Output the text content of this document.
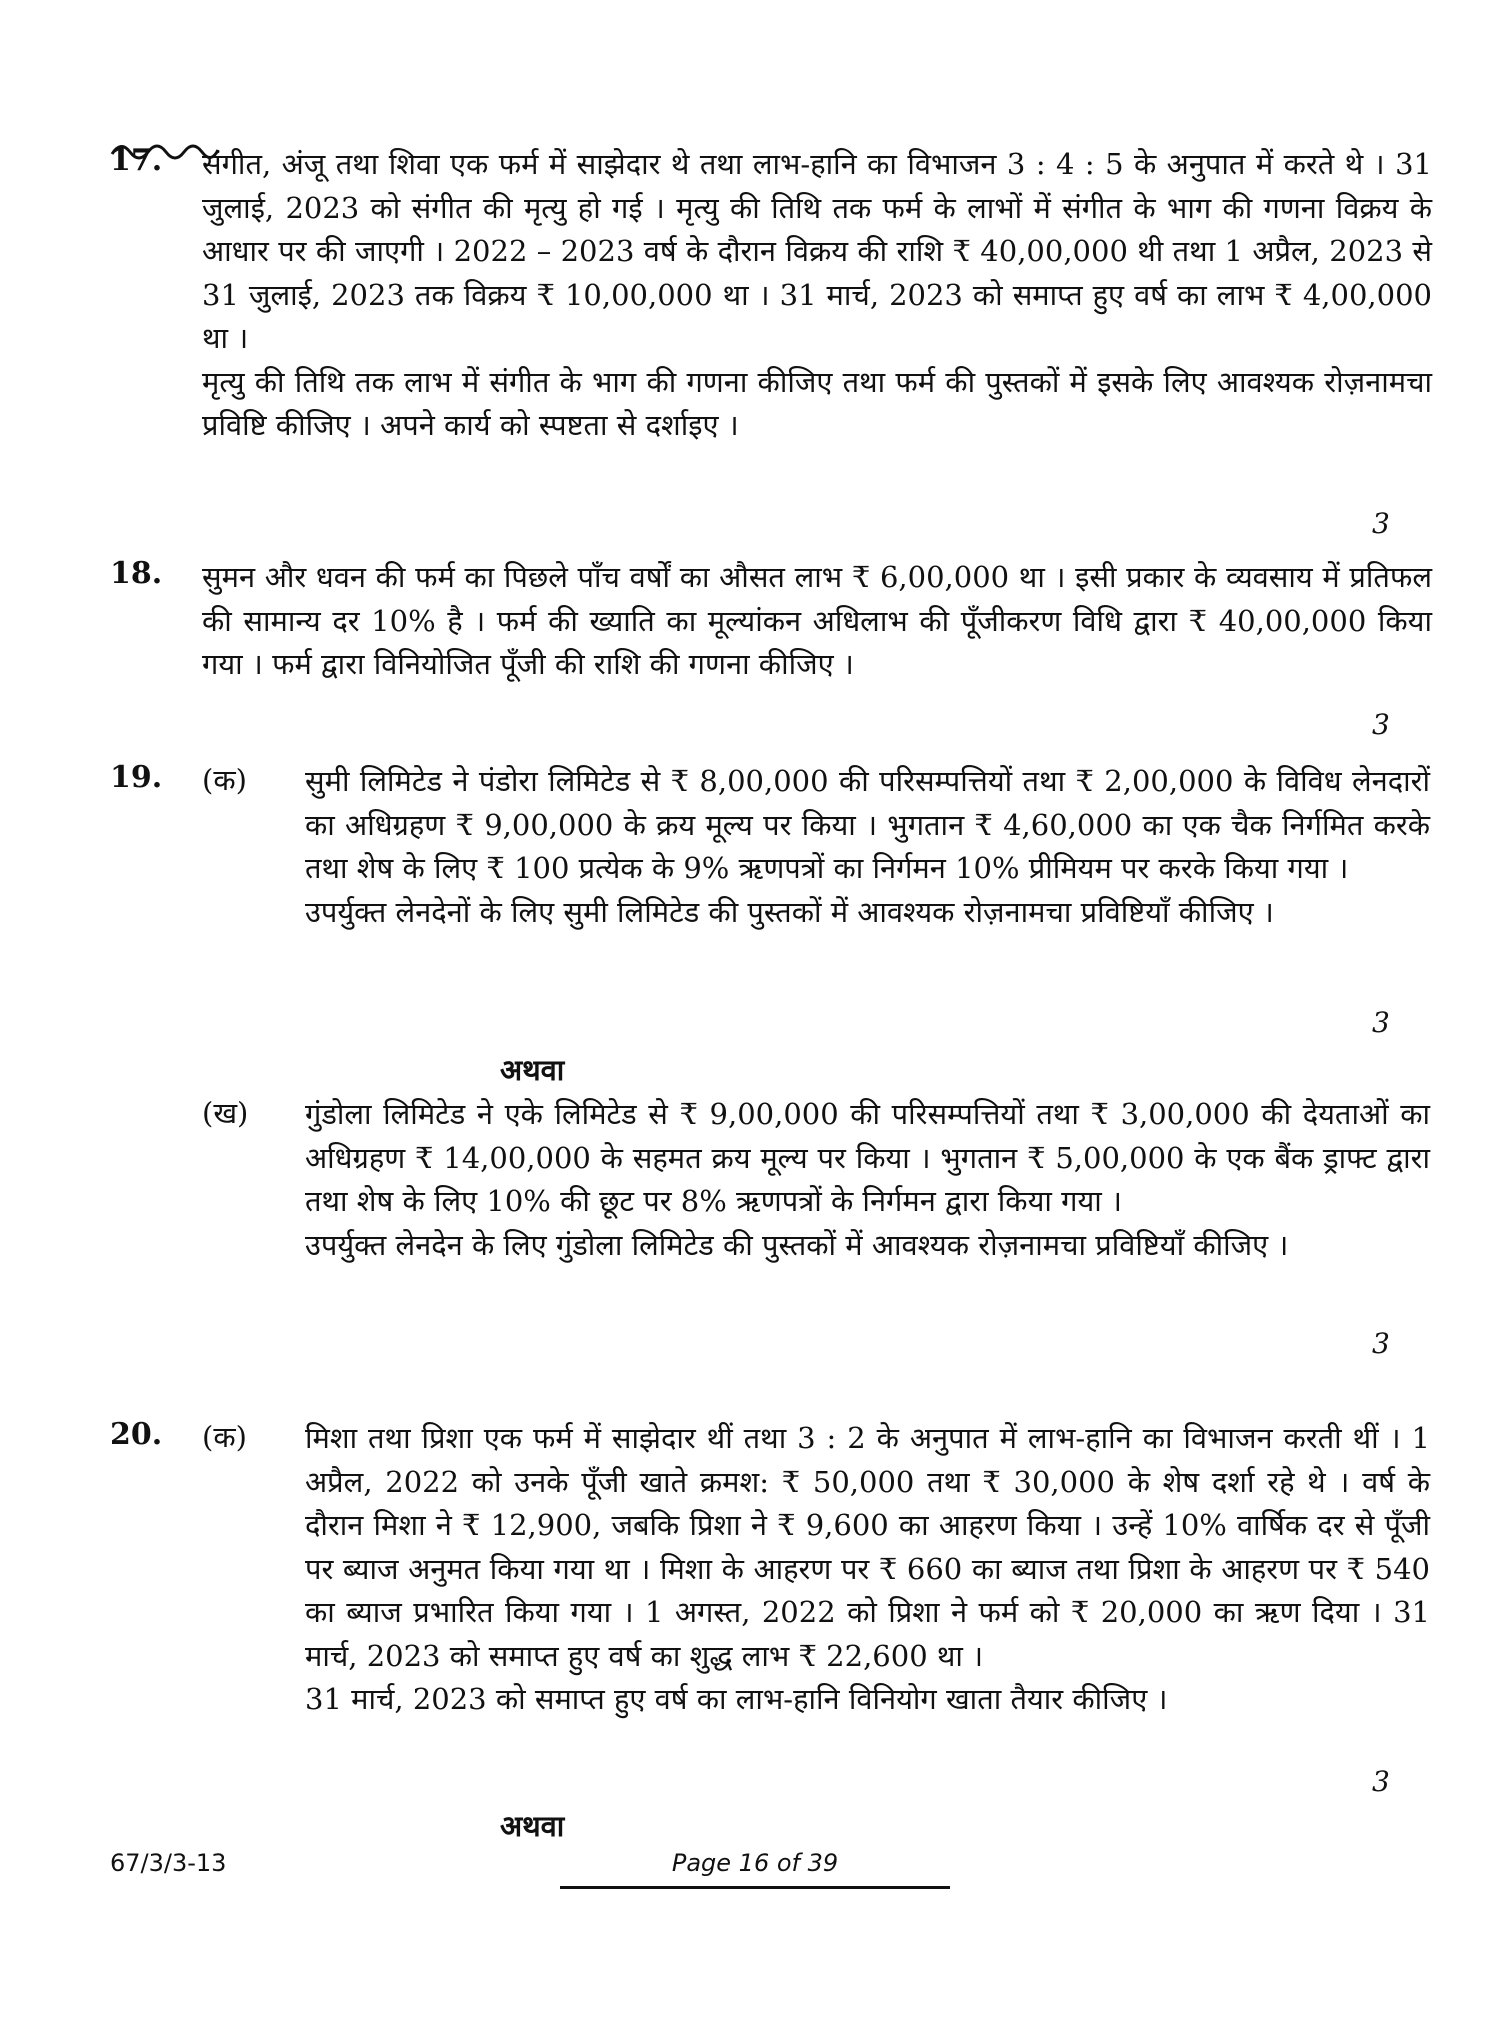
17.	संगीत, अंजू तथा शिवा एक फर्म में साझेदार थे तथा लाभ-हानि का विभाजन 3 : 4 : 5 के अनुपात में करते थे । 31 जुलाई, 2023 को संगीत की मृत्यु हो गई । मृत्यु की तिथि तक फर्म के लाभों में संगीत के भाग की गणना विक्रय के आधार पर की जाएगी । 2022 – 2023 वर्ष के दौरान विक्रय की राशि ₹ 40,00,000 थी तथा 1 अप्रैल, 2023 से 31 जुलाई, 2023 तक विक्रय ₹ 10,00,000 था । 31 मार्च, 2023 को समाप्त हुए वर्ष का लाभ ₹ 4,00,000 था ।

मृत्यु की तिथि तक लाभ में संगीत के भाग की गणना कीजिए तथा फर्म की पुस्तकों में इसके लिए आवश्यक रोज़नामचा प्रविष्टि कीजिए । अपने कार्य को स्पष्टता से दर्शाइए ।

3
18.	सुमन और धवन की फर्म का पिछले पाँच वर्षों का औसत लाभ ₹ 6,00,000 था । इसी प्रकार के व्यवसाय में प्रतिफल की सामान्य दर 10% है । फर्म की ख्याति का मूल्यांकन अधिलाभ की पूँजीकरण विधि द्वारा ₹ 40,00,000 किया गया । फर्म द्वारा विनियोजित पूँजी की राशि की गणना कीजिए ।

3
19.	(क)	सुमी लिमिटेड ने पंडोरा लिमिटेड से ₹ 8,00,000 की परिसम्पत्तियों तथा ₹ 2,00,000 के विविध लेनदारों का अधिग्रहण ₹ 9,00,000 के क्रय मूल्य पर किया । भुगतान ₹ 4,60,000 का एक चैक निर्गमित करके तथा शेष के लिए ₹ 100 प्रत्येक के 9% ऋणपत्रों का निर्गमन 10% प्रीमियम पर करके किया गया ।

उपर्युक्त लेनदेनों के लिए सुमी लिमिटेड की पुस्तकों में आवश्यक रोज़नामचा प्रविष्टियाँ कीजिए ।

3
अथवा
(ख)	गुंडोला लिमिटेड ने एके लिमिटेड से ₹ 9,00,000 की परिसम्पत्तियों तथा ₹ 3,00,000 की देयताओं का अधिग्रहण ₹ 14,00,000 के सहमत क्रय मूल्य पर किया । भुगतान ₹ 5,00,000 के एक बैंक ड्राफ्ट द्वारा तथा शेष के लिए 10% की छूट पर 8% ऋणपत्रों के निर्गमन द्वारा किया गया ।

उपर्युक्त लेनदेन के लिए गुंडोला लिमिटेड की पुस्तकों में आवश्यक रोज़नामचा प्रविष्टियाँ कीजिए ।

3
20.	(क)	मिशा तथा प्रिशा एक फर्म में साझेदार थीं तथा 3 : 2 के अनुपात में लाभ-हानि का विभाजन करती थीं । 1 अप्रैल, 2022 को उनके पूँजी खाते क्रमश: ₹ 50,000 तथा ₹ 30,000 के शेष दर्शा रहे थे । वर्ष के दौरान मिशा ने ₹ 12,900, जबकि प्रिशा ने ₹ 9,600 का आहरण किया । उन्हें 10% वार्षिक दर से पूँजी पर ब्याज अनुमत किया गया था । मिशा के आहरण पर ₹ 660 का ब्याज तथा प्रिशा के आहरण पर ₹ 540 का ब्याज प्रभारित किया गया । 1 अगस्त, 2022 को प्रिशा ने फर्म को ₹ 20,000 का ऋण दिया । 31 मार्च, 2023 को समाप्त हुए वर्ष का शुद्ध लाभ ₹ 22,600 था ।

31 मार्च, 2023 को समाप्त हुए वर्ष का लाभ-हानि विनियोग खाता तैयार कीजिए ।

3
अथवा
67/3/3-13	Page 16 of 39
